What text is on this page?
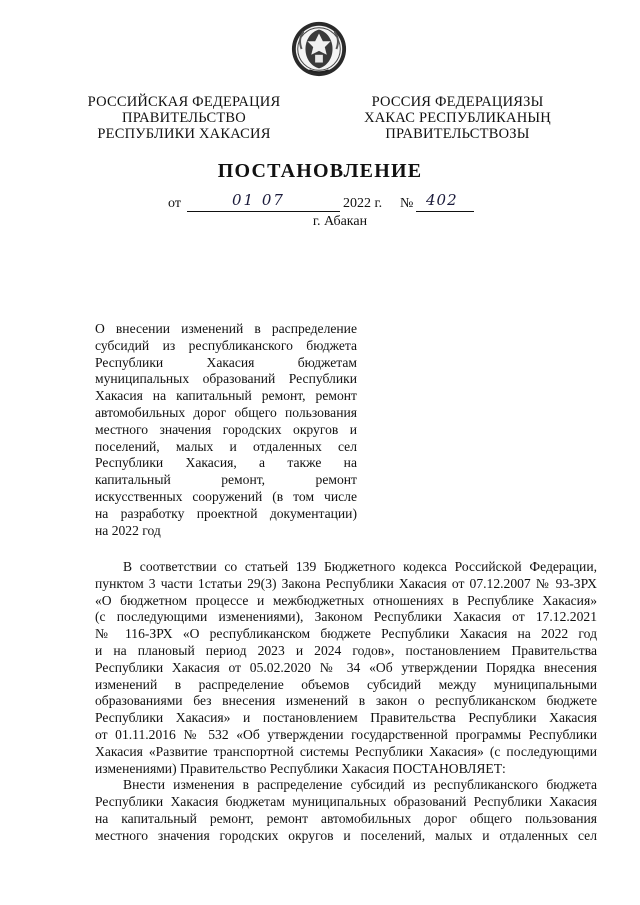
РОССИЙСКАЯ ФЕДЕРАЦИЯ
ПРАВИТЕЛЬСТВО
РЕСПУБЛИКИ ХАКАСИЯ
РОССИЯ ФЕДЕРАЦИЯЗЫ
ХАКАС РЕСПУБЛИКАНЫҢ
ПРАВИТЕЛЬСТВОЗЫ
ПОСТАНОВЛЕНИЕ
от	01 07	2022 г. № 402
г. Абакан
О внесении изменений в распределение
субсидий из республиканского бюджета
Республики Хакасия бюджетам
муниципальных образований Республики
Хакасия на капитальный ремонт, ремонт
автомобильных дорог общего пользования
местного значения городских округов и
поселений, малых и отдаленных сел
Республики Хакасия, а также на
капитальный ремонт, ремонт
искусственных сооружений (в том числе
на разработку проектной документации)
на 2022 год
В соответствии со статьей 139 Бюджетного кодекса Российской Федерации,
пунктом 3 части 1статьи 29(3) Закона Республики Хакасия от 07.12.2007 № 93-ЗРХ
«О бюджетном процессе и межбюджетных отношениях в Республике Хакасия»
(с последующими изменениями), Законом Республики Хакасия от 17.12.2021
№ 116-ЗРХ «О республиканском бюджете Республики Хакасия на 2022 год
и на плановый период 2023 и 2024 годов», постановлением Правительства
Республики Хакасия от 05.02.2020 № 34 «Об утверждении Порядка внесения
изменений в распределение объемов субсидий между муниципальными
образованиями без внесения изменений в закон о республиканском бюджете
Республики Хакасия» и постановлением Правительства Республики Хакасия
от 01.11.2016 № 532 «Об утверждении государственной программы Республики
Хакасия «Развитие транспортной системы Республики Хакасия» (с последующими
изменениями) Правительство Республики Хакасия ПОСТАНОВЛЯЕТ:
Внести изменения в распределение субсидий из республиканского бюджета
Республики Хакасия бюджетам муниципальных образований Республики Хакасия
на капитальный ремонт, ремонт автомобильных дорог общего пользования
местного значения городских округов и поселений, малых и отдаленных сел
